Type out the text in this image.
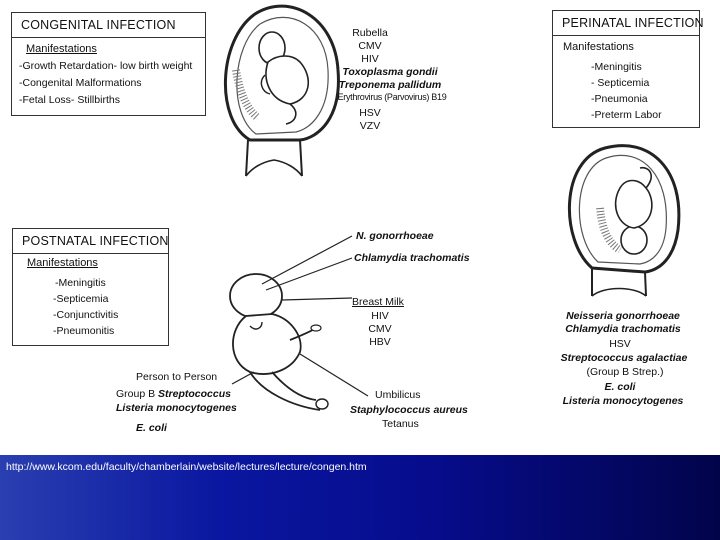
CONGENITAL INFECTION
Manifestations
-Growth Retardation- low birth weight
-Congenital Malformations
-Fetal Loss- Stillbirths
PERINATAL INFECTION
Manifestations
-Meningitis
- Septicemia
-Pneumonia
-Preterm Labor
POSTNATAL INFECTION
Manifestations
-Meningitis
-Septicemia
-Conjunctivitis
-Pneumonitis
Rubella
CMV
HIV
Toxoplasma gondii
Treponema pallidum
Erythrovirus (Parvovirus) B19
HSV
VZV
Neisseria gonorrhoeae
Chlamydia trachomatis
HSV
Streptococcus agalactiae
(Group B Strep.)
E. coli
Listeria monocytogenes
N. gonorrhoeae
Chlamydia trachomatis
Breast Milk
HIV
CMV
HBV
Person to Person
Group B Streptococcus
Listeria monocytogenes
E. coli
Umbilicus
Staphylococcus aureus
Tetanus
http://www.kcom.edu/faculty/chamberlain/website/lectures/lecture/congen.htm
